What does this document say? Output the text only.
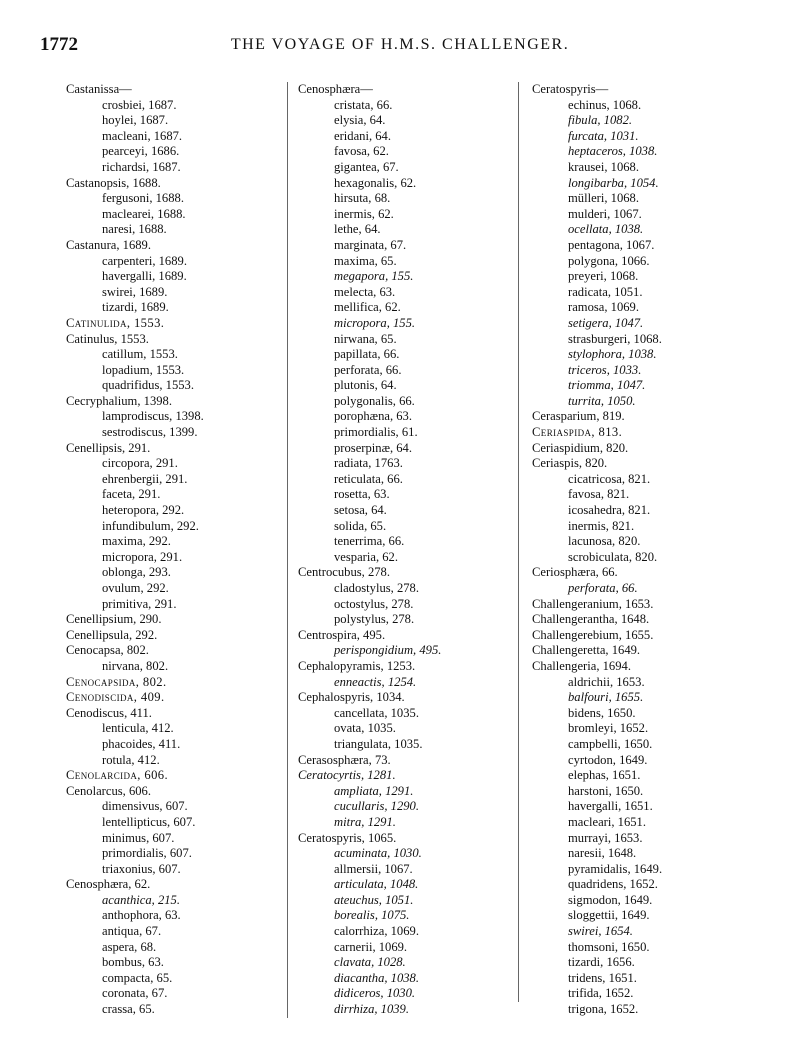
1772	THE VOYAGE OF H.M.S. CHALLENGER.
Castanissa—
crosbiei, 1687.
hoylei, 1687.
macleani, 1687.
pearceyi, 1686.
richardsi, 1687.
Castanopsis, 1688.
fergusoni, 1688.
maclearei, 1688.
naresi, 1688.
Castanura, 1689.
carpenteri, 1689.
havergalli, 1689.
swirei, 1689.
tizardi, 1689.
Catinulida, 1553.
Catinulus, 1553.
catillum, 1553.
lopadium, 1553.
quadrifidus, 1553.
Cecryphalium, 1398.
lamprodiscus, 1398.
sestrodiscus, 1399.
Cenellipsis, 291.
circopora, 291.
ehrenbergii, 291.
faceta, 291.
heteropora, 292.
infundibulum, 292.
maxima, 292.
micropora, 291.
oblonga, 293.
ovulum, 292.
primitiva, 291.
Cenellipsium, 290.
Cenellipsula, 292.
Cenocapsa, 802.
nirvana, 802.
Cenocapsida, 802.
Cenodiscida, 409.
Cenodiscus, 411.
lenticula, 412.
phacoides, 411.
rotula, 412.
Cenolarcida, 606.
Cenolarcus, 606.
dimensivus, 607.
lentellipticus, 607.
minimus, 607.
primordialis, 607.
triaxonius, 607.
Cenosphæra, 62.
acanthica, 215.
anthophora, 63.
antiqua, 67.
aspera, 68.
bombus, 63.
compacta, 65.
coronata, 67.
crassa, 65.
Cenosphæra—
cristata, 66.
elysia, 64.
eridani, 64.
favosa, 62.
gigantea, 67.
hexagonalis, 62.
hirsuta, 68.
inermis, 62.
lethe, 64.
marginata, 67.
maxima, 65.
megapora, 155.
melecta, 63.
mellifica, 62.
micropora, 155.
nirwana, 65.
papillata, 66.
perforata, 66.
plutonis, 64.
polygonalis, 66.
porophæna, 63.
primordialis, 61.
proserpinæ, 64.
radiata, 1763.
reticulata, 66.
rosetta, 63.
setosa, 64.
solida, 65.
tenerrima, 66.
vesparia, 62.
Centrocubus, 278.
cladostylus, 278.
octostylus, 278.
polystylus, 278.
Centrospira, 495.
perispongidium, 495.
Cephalopyramis, 1253.
enneactis, 1254.
Cephalospyris, 1034.
cancellata, 1035.
ovata, 1035.
triangulata, 1035.
Cerasosphæra, 73.
Ceratocyrtis, 1281.
ampliata, 1291.
cucullaris, 1290.
mitra, 1291.
Ceratospyris, 1065.
acuminata, 1030.
allmersii, 1067.
articulata, 1048.
ateuchus, 1051.
borealis, 1075.
calorrhiza, 1069.
carnerii, 1069.
clavata, 1028.
diacantha, 1038.
didiceros, 1030.
dirrhiza, 1039.
Ceratospyris—
echinus, 1068.
fibula, 1082.
furcata, 1031.
heptaceros, 1038.
krausei, 1068.
longibarba, 1054.
mülleri, 1068.
mulderi, 1067.
ocellata, 1038.
pentagona, 1067.
polygona, 1066.
preyeri, 1068.
radicata, 1051.
ramosa, 1069.
setigera, 1047.
strasburgeri, 1068.
stylophora, 1038.
triceros, 1033.
triomma, 1047.
turrita, 1050.
Cerasparium, 819.
Ceriaspida, 813.
Ceriaspidium, 820.
Ceriaspis, 820.
cicatricosa, 821.
favosa, 821.
icosahedra, 821.
inermis, 821.
lacunosa, 820.
scrobiculata, 820.
Ceriosphæra, 66.
perforata, 66.
Challengeranium, 1653.
Challengerantha, 1648.
Challengerebium, 1655.
Challengeretta, 1649.
Challengeria, 1694.
aldrichii, 1653.
balfouri, 1655.
bidens, 1650.
bromleyi, 1652.
campbelli, 1650.
cyrtodon, 1649.
elephas, 1651.
harstoni, 1650.
havergalli, 1651.
macleari, 1651.
murrayi, 1653.
naresii, 1648.
pyramidalis, 1649.
quadridens, 1652.
sigmodon, 1649.
sloggettii, 1649.
swirei, 1654.
thomsoni, 1650.
tizardi, 1656.
tridens, 1651.
trifida, 1652.
trigona, 1652.
